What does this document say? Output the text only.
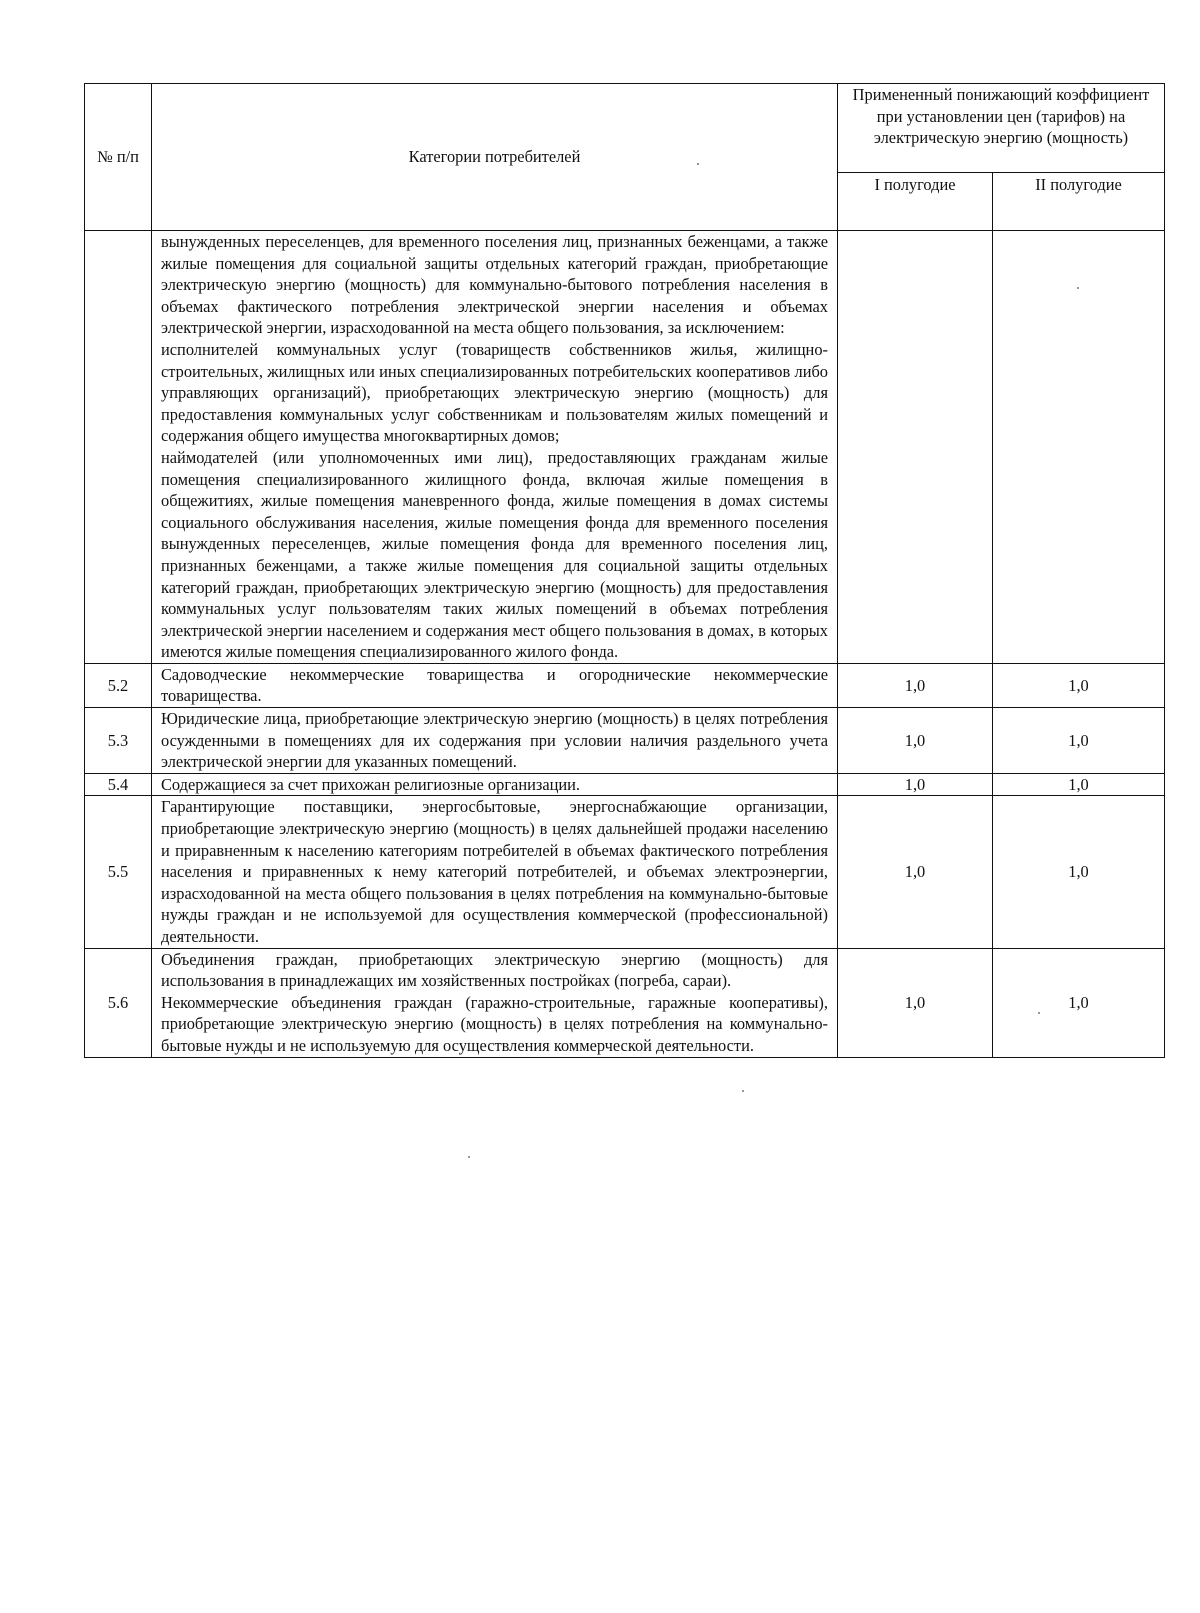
№ п/п	Категории потребителей	Примененный понижающий коэффициент при установлении цен (тарифов) на электрическую энергию (мощность)	
		I полугодие	II полугодие

	вынужденных переселенцев, для временного поселения лиц, признанных беженцами, а также жилые помещения для социальной защиты отдельных категорий граждан, приобретающие электрическую энергию (мощность) для коммунально-бытового потребления населения в объемах фактического потребления электрической энергии населения и объемах электрической энергии, израсходованной на места общего пользования, за исключением:

исполнителей коммунальных услуг (товариществ собственников жилья, жилищно-строительных, жилищных или иных специализированных потребительских кооперативов либо управляющих организаций), приобретающих электрическую энергию (мощность) для предоставления коммунальных услуг собственникам и пользователям жилых помещений и содержания общего имущества многоквартирных домов;

наймодателей (или уполномоченных ими лиц), предоставляющих гражданам жилые помещения специализированного жилищного фонда, включая жилые помещения в общежитиях, жилые помещения маневренного фонда, жилые помещения в домах системы социального обслуживания населения, жилые помещения фонда для временного поселения вынужденных переселенцев, жилые помещения фонда для временного поселения лиц, признанных беженцами, а также жилые помещения для социальной защиты отдельных категорий граждан, приобретающих электрическую энергию (мощность) для предоставления коммунальных услуг пользователям таких жилых помещений в объемах потребления электрической энергии населением и содержания мест общего пользования в домах, в которых имеются жилые помещения специализированного жилого фонда.		

5.2	Садоводческие некоммерческие товарищества и огороднические некоммерческие товарищества.	1,0	1,0
5.3	Юридические лица, приобретающие электрическую энергию (мощность) в целях потребления осужденными в помещениях для их содержания при условии наличия раздельного учета электрической энергии для указанных помещений.	1,0	1,0
5.4	Содержащиеся за счет прихожан религиозные организации.	1,0	1,0
5.5	Гарантирующие поставщики, энергосбытовые, энергоснабжающие организации, приобретающие электрическую энергию (мощность) в целях дальнейшей продажи населению и приравненным к населению категориям потребителей в объемах фактического потребления населения и приравненных к нему категорий потребителей, и объемах электроэнергии, израсходованной на места общего пользования в целях потребления на коммунально-бытовые нужды граждан и не используемой для осуществления коммерческой (профессиональной) деятельности.	1,0	1,0
5.6	Объединения граждан, приобретающих электрическую энергию (мощность) для использования в принадлежащих им хозяйственных постройках (погреба, сараи).

Некоммерческие объединения граждан (гаражно-строительные, гаражные кооперативы), приобретающие электрическую энергию (мощность) в целях потребления на коммунально-бытовые нужды и не используемую для осуществления коммерческой деятельности.	1,0	1,0
